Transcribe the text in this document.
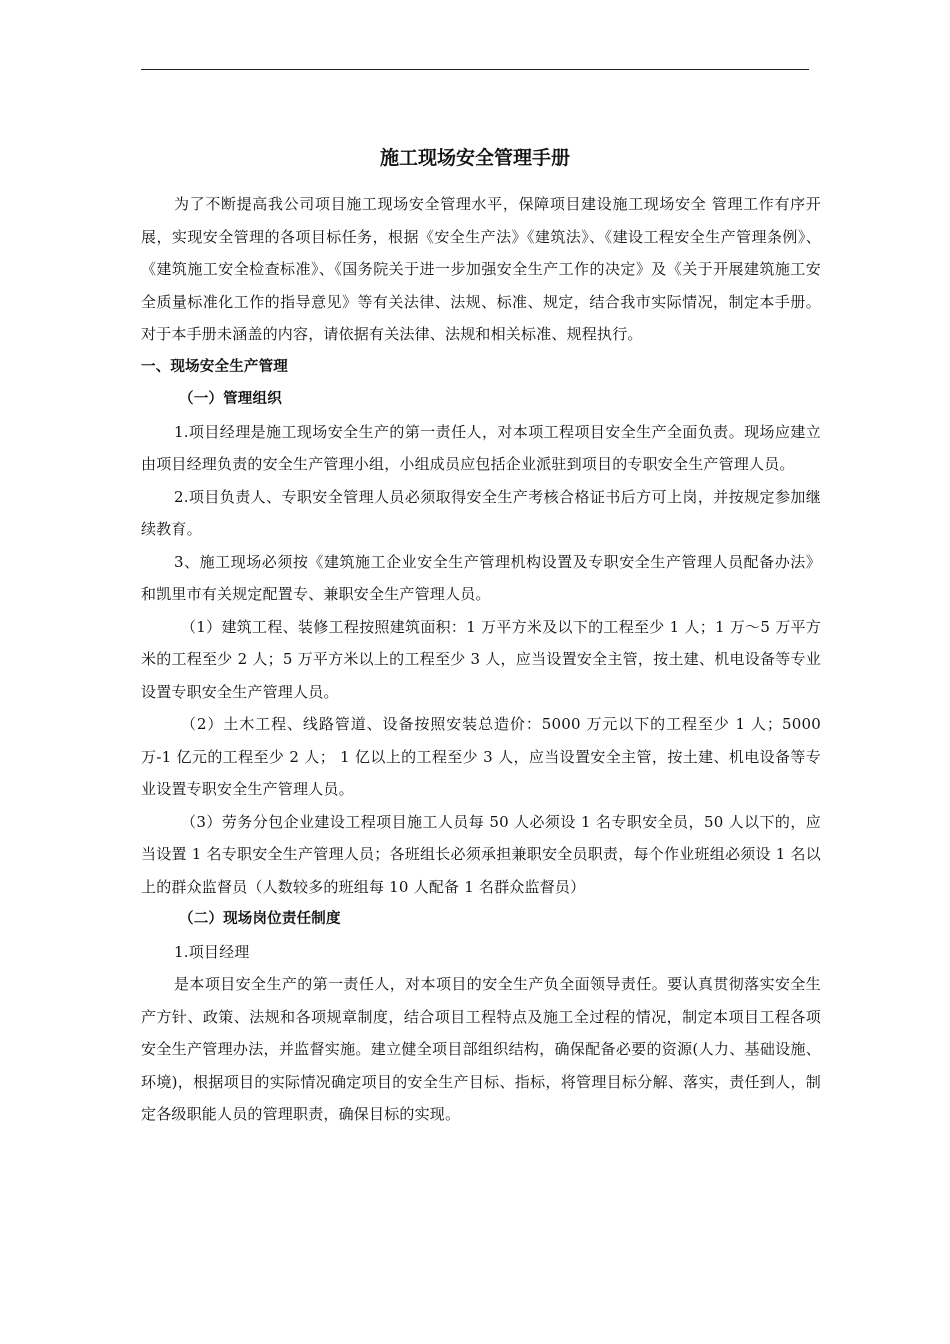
施工现场安全管理手册

为了不断提高我公司项目施工现场安全管理水平，保障项目建设施工现场安全 管理工作有序开展，实现安全管理的各项目标任务，根据《安全生产法》《建筑法》、《建设工程安全生产管理条例》、《建筑施工安全检查标准》、《国务院关于进一步加强安全生产工作的决定》及《关于开展建筑施工安全质量标准化工作的指导意见》等有关法律、法规、标准、规定，结合我市实际情况，制定本手册。对于本手册未涵盖的内容，请依据有关法律、法规和相关标准、规程执行。

一、现场安全生产管理

（一）管理组织

1.项目经理是施工现场安全生产的第一责任人，对本项工程项目安全生产全面负责。现场应建立由项目经理负责的安全生产管理小组，小组成员应包括企业派驻到项目的专职安全生产管理人员。

2.项目负责人、专职安全管理人员必须取得安全生产考核合格证书后方可上岗，并按规定参加继续教育。

3、施工现场必须按《建筑施工企业安全生产管理机构设置及专职安全生产管理人员配备办法》和凯里市有关规定配置专、兼职安全生产管理人员。

（1）建筑工程、装修工程按照建筑面积：1 万平方米及以下的工程至少 1 人；1 万～5 万平方米的工程至少 2 人；5 万平方米以上的工程至少 3 人，应当设置安全主管，按土建、机电设备等专业设置专职安全生产管理人员。

（2）土木工程、线路管道、设备按照安装总造价：5000 万元以下的工程至少 1 人；5000 万-1 亿元的工程至少 2 人； 1 亿以上的工程至少 3 人，应当设置安全主管，按土建、机电设备等专业设置专职安全生产管理人员。

（3）劳务分包企业建设工程项目施工人员每 50 人必须设 1 名专职安全员，50 人以下的，应当设置 1 名专职安全生产管理人员；各班组长必须承担兼职安全员职责，每个作业班组必须设 1 名以上的群众监督员（人数较多的班组每 10 人配备 1 名群众监督员）

（二）现场岗位责任制度

1.项目经理

是本项目安全生产的第一责任人，对本项目的安全生产负全面领导责任。要认真贯彻落实安全生产方针、政策、法规和各项规章制度，结合项目工程特点及施工全过程的情况，制定本项目工程各项安全生产管理办法，并监督实施。建立健全项目部组织结构，确保配备必要的资源(人力、基础设施、环境)，根据项目的实际情况确定项目的安全生产目标、指标，将管理目标分解、落实，责任到人，制定各级职能人员的管理职责，确保目标的实现。
